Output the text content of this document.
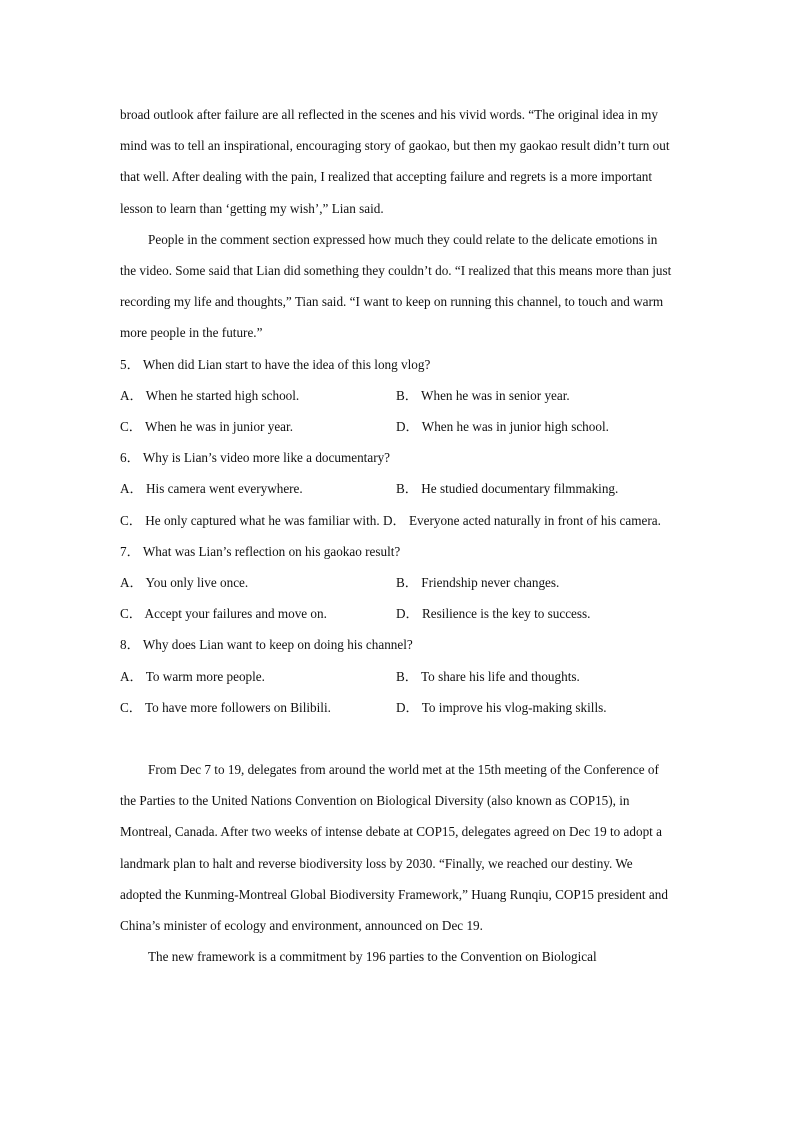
broad outlook after failure are all reflected in the scenes and his vivid words. “The original idea in my mind was to tell an inspirational, encouraging story of gaokao, but then my gaokao result didn’t turn out that well. After dealing with the pain, I realized that accepting failure and regrets is a more important lesson to learn than ‘getting my wish’,” Lian said.

People in the comment section expressed how much they could relate to the delicate emotions in the video. Some said that Lian did something they couldn’t do. “I realized that this means more than just recording my life and thoughts,” Tian said. “I want to keep on running this channel, to touch and warm more people in the future.”

5． When did Lian start to have the idea of this long vlog?

A． When he started high school.	B． When he was in senior year.
C． When he was in junior year.	D． When he was in junior high school.

6． Why is Lian’s video more like a documentary?

A． His camera went everywhere.	B． He studied documentary filmmaking.

C． He only captured what he was familiar with. D． Everyone acted naturally in front of his camera.

7． What was Lian’s reflection on his gaokao result?

A． You only live once.	B． Friendship never changes.
C． Accept your failures and move on.	D． Resilience is the key to success.

8． Why does Lian want to keep on doing his channel?

A． To warm more people.	B． To share his life and thoughts.
C． To have more followers on Bilibili.	D． To improve his vlog-making skills.

From Dec 7 to 19, delegates from around the world met at the 15th meeting of the Conference of the Parties to the United Nations Convention on Biological Diversity (also known as COP15), in Montreal, Canada. After two weeks of intense debate at COP15, delegates agreed on Dec 19 to adopt a landmark plan to halt and reverse biodiversity loss by 2030. “Finally, we reached our destiny. We adopted the Kunming-Montreal Global Biodiversity Framework,” Huang Runqiu, COP15 president and China’s minister of ecology and environment, announced on Dec 19.

The new framework is a commitment by 196 parties to the Convention on Biological
